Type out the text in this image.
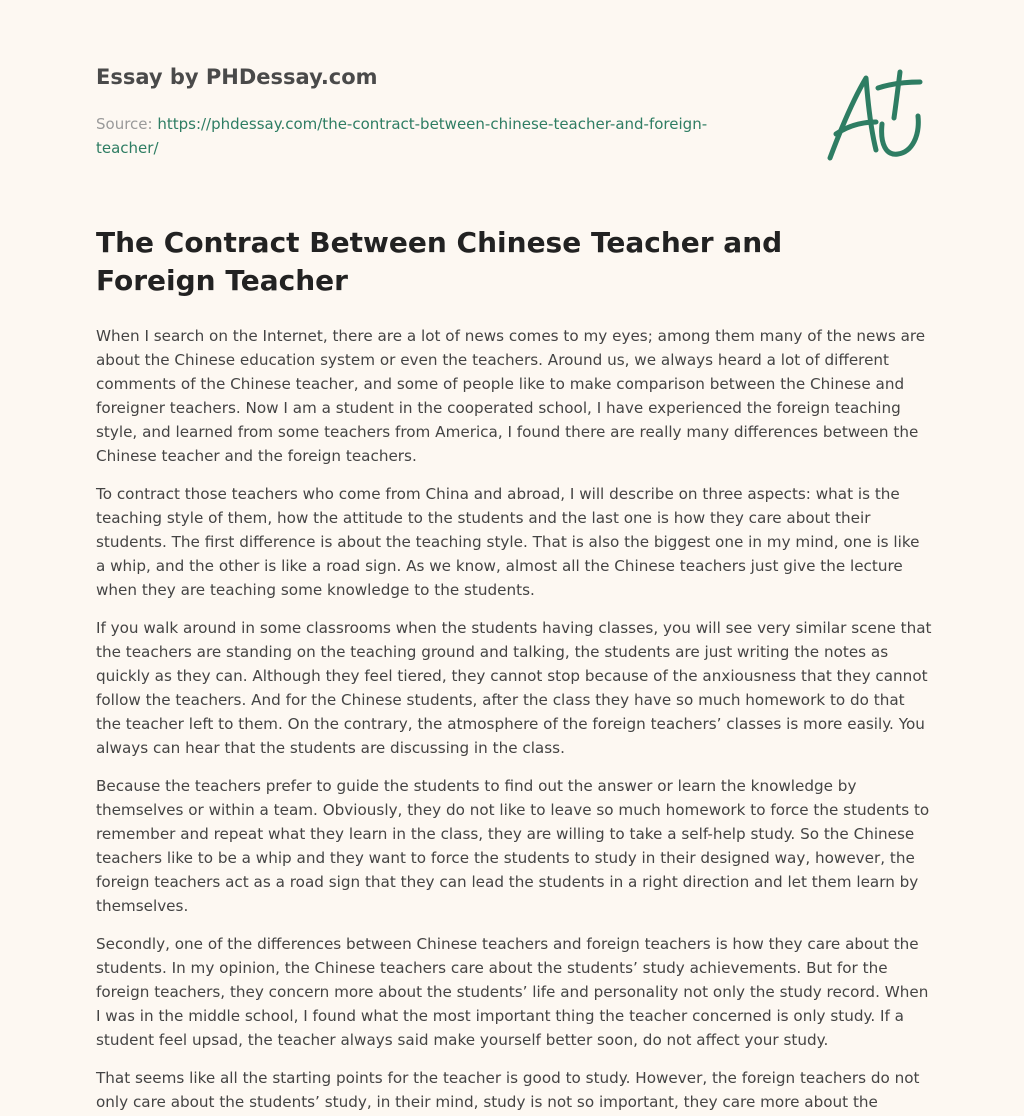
Essay by PHDessay.com
Source: https://phdessay.com/the-contract-between-chinese-teacher-and-foreign-teacher/
The Contract Between Chinese Teacher and Foreign Teacher

When I search on the Internet, there are a lot of news comes to my eyes; among them many of the news are about the Chinese education system or even the teachers. Around us, we always heard a lot of different comments of the Chinese teacher, and some of people like to make comparison between the Chinese and foreigner teachers. Now I am a student in the cooperated school, I have experienced the foreign teaching style, and learned from some teachers from America, I found there are really many differences between the Chinese teacher and the foreign teachers.

To contract those teachers who come from China and abroad, I will describe on three aspects: what is the teaching style of them, how the attitude to the students and the last one is how they care about their students. The first difference is about the teaching style. That is also the biggest one in my mind, one is like a whip, and the other is like a road sign. As we know, almost all the Chinese teachers just give the lecture when they are teaching some knowledge to the students.

If you walk around in some classrooms when the students having classes, you will see very similar scene that the teachers are standing on the teaching ground and talking, the students are just writing the notes as quickly as they can. Although they feel tiered, they cannot stop because of the anxiousness that they cannot follow the teachers. And for the Chinese students, after the class they have so much homework to do that the teacher left to them. On the contrary, the atmosphere of the foreign teachers’ classes is more easily. You always can hear that the students are discussing in the class.

Because the teachers prefer to guide the students to find out the answer or learn the knowledge by themselves or within a team. Obviously, they do not like to leave so much homework to force the students to remember and repeat what they learn in the class, they are willing to take a self-help study. So the Chinese teachers like to be a whip and they want to force the students to study in their designed way, however, the foreign teachers act as a road sign that they can lead the students in a right direction and let them learn by themselves.

Secondly, one of the differences between Chinese teachers and foreign teachers is how they care about the students. In my opinion, the Chinese teachers care about the students’ study achievements. But for the foreign teachers, they concern more about the students’ life and personality not only the study record. When I was in the middle school, I found what the most important thing the teacher concerned is only study. If a student feel upsad, the teacher always said make yourself better soon, do not affect your study.

That seems like all the starting points for the teacher is good to study. However, the foreign teachers do not only care about the students’ study, in their mind, study is not so important, they care more about the
